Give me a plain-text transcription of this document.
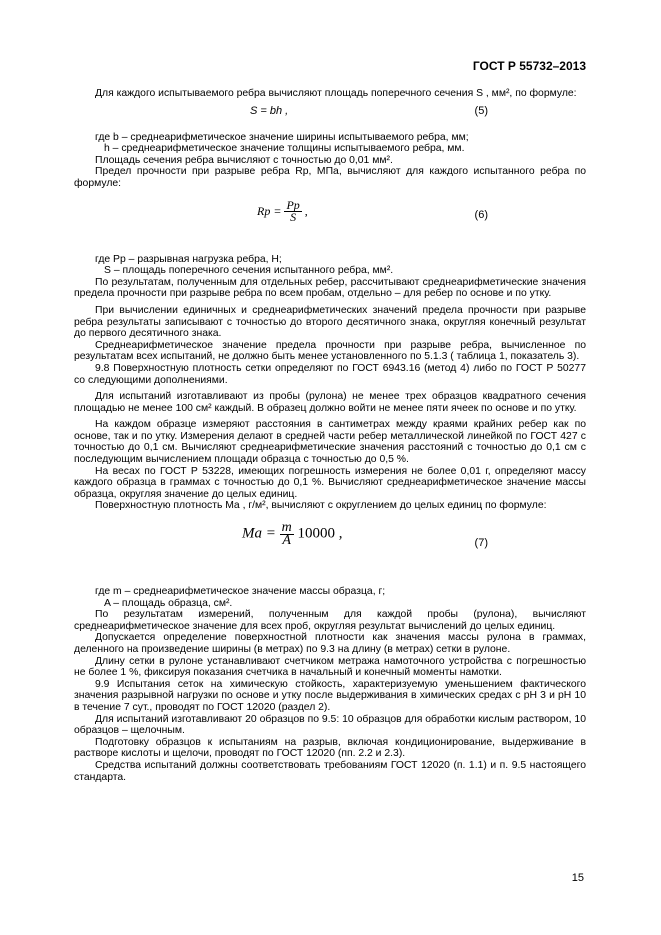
ГОСТ Р 55732–2013

Для каждого испытываемого ребра вычисляют площадь поперечного сечения S , мм², по формуле:

S = bh ,	(5)

где b – среднеарифметическое значение ширины испытываемого ребра, мм;

h – среднеарифметическое значение толщины испытываемого ребра, мм.

Площадь сечения ребра вычисляют с точностью до 0,01 мм².

Предел прочности при разрыве ребра Rр, МПа, вычисляют для каждого испытанного ребра по формуле:

Rр = $\frac{Pр}{S}$ ,	(6)

где Pр – разрывная нагрузка ребра, Н;

S – площадь поперечного сечения испытанного ребра, мм².

По результатам, полученным для отдельных ребер, рассчитывают среднеарифметические значения предела прочности при разрыве ребра по всем пробам, отдельно – для ребер по основе и по утку.

При вычислении единичных и среднеарифметических значений предела прочности при разрыве ребра результаты записывают с точностью до второго десятичного знака, округляя конечный результат до первого десятичного знака.

Среднеарифметическое значение предела прочности при разрыве ребра, вычисленное по результатам всех испытаний, не должно быть менее установленного по 5.1.3 ( таблица 1, показатель 3).

9.8 Поверхностную плотность сетки определяют по ГОСТ 6943.16 (метод 4) либо по ГОСТ Р 50277 со следующими дополнениями.

Для испытаний изготавливают из пробы (рулона) не менее трех образцов квадратного сечения площадью не менее 100 см² каждый. В образец должно войти не менее пяти ячеек по основе и по утку.

На каждом образце измеряют расстояния в сантиметрах между краями крайних ребер как по основе, так и по утку. Измерения делают в средней части ребер металлической линейкой по ГОСТ 427 с точностью до 0,1 см. Вычисляют среднеарифметические значения расстояний с точностью до 0,1 см с последующим вычислением площади образца с точностью до 0,5 %.

На весах по ГОСТ Р 53228, имеющих погрешность измерения не более 0,01 г, определяют массу каждого образца в граммах с точностью до 0,1 %. Вычисляют среднеарифметическое значение массы образца, округляя значение до целых единиц.

Поверхностную плотность Mа , г/м², вычисляют с округлением до целых единиц по формуле:

Mа = $\frac{m}{A} 10000$ ,
(7)

где m – среднеарифметическое значение массы образца, г;

A – площадь образца, см².

По результатам измерений, полученным для каждой пробы (рулона), вычисляют среднеарифметическое значение для всех проб, округляя результат вычислений до целых единиц.

Допускается определение поверхностной плотности как значения массы рулона в граммах, деленного на произведение ширины (в метрах) по 9.3 на длину (в метрах) сетки в рулоне.

Длину сетки в рулоне устанавливают счетчиком метража намоточного устройства с погрешностью не более 1 %, фиксируя показания счетчика в начальный и конечный моменты намотки.

9.9 Испытания сеток на химическую стойкость, характеризуемую уменьшением фактического значения разрывной нагрузки по основе и утку после выдерживания в химических средах с рН 3 и рН 10 в течение 7 сут., проводят по ГОСТ 12020 (раздел 2).

Для испытаний изготавливают 20 образцов по 9.5: 10 образцов для обработки кислым раствором, 10 образцов – щелочным.

Подготовку образцов к испытаниям на разрыв, включая кондиционирование, выдерживание в растворе кислоты и щелочи, проводят по ГОСТ 12020 (пп. 2.2 и 2.3).

Средства испытаний должны соответствовать требованиям ГОСТ 12020 (п. 1.1) и п. 9.5 настоящего стандарта.

15
